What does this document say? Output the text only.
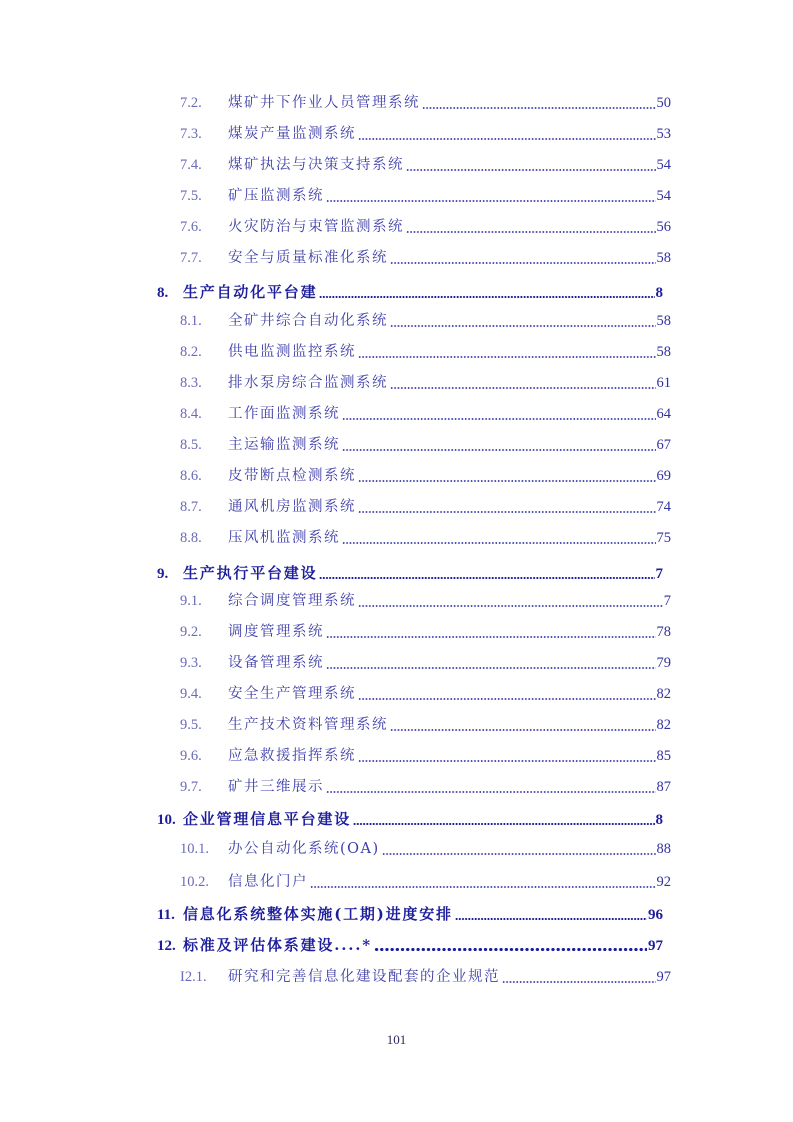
7.2.	煤矿井下作业人员管理系统	50
7.3.	煤炭产量监测系统	53
7.4.	煤矿执法与决策支持系统	54
7.5.	矿压监测系统	54
7.6.	火灾防治与束管监测系统	56
7.7.	安全与质量标准化系统	58
8. 生产自动化平台建	8
8.1.	全矿井综合自动化系统	58
8.2.	供电监测监控系统	58
8.3.	排水泵房综合监测系统	61
8.4.	工作面监测系统	64
8.5.	主运输监测系统	67
8.6.	皮带断点检测系统	69
8.7.	通风机房监测系统	74
8.8.	压风机监测系统	75
9. 生产执行平台建设	7
9.1.	综合调度管理系统	7
9.2.	调度管理系统	78
9.3.	设备管理系统	79
9.4.	安全生产管理系统	82
9.5.	生产技术资料管理系统	82
9.6.	应急救援指挥系统	85
9.7.	矿井三维展示	87
10. 企业管理信息平台建设	8
10.1.	办公自动化系统(OA)	88
10.2.	信息化门户	92
11. 信息化系统整体实施(工期)进度安排	96
12. 标准及评估体系建设....*	97
I2.1.	研究和完善信息化建设配套的企业规范	97
101
